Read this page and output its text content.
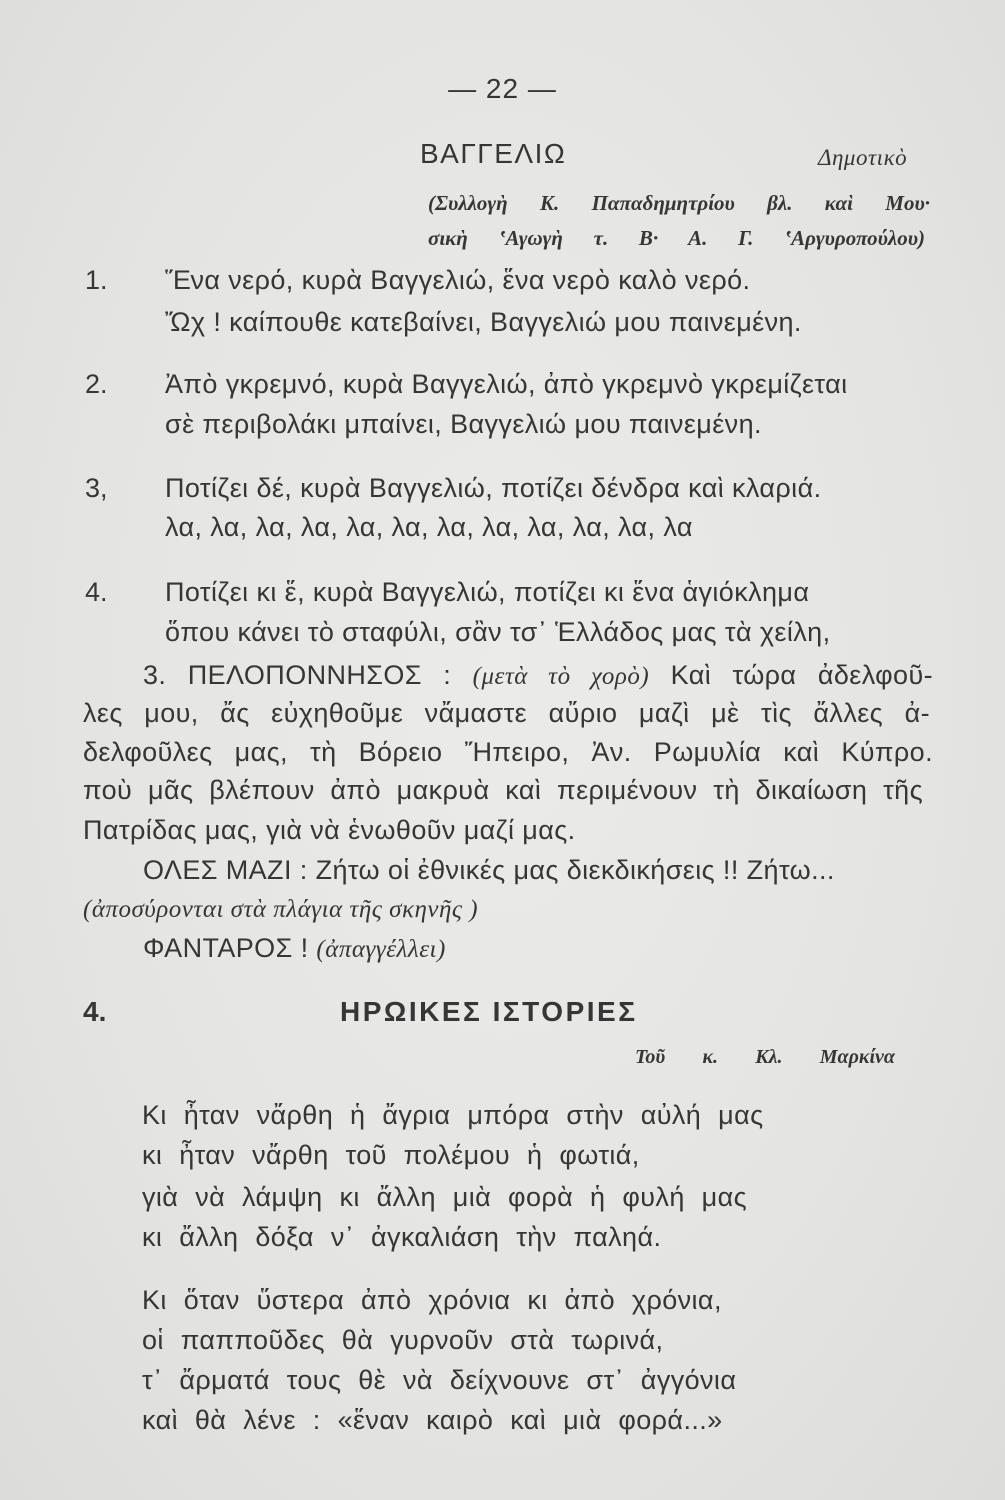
— 22 —
ΒΑΓΓΕΛΙΩ	Δημοτικὸ
(Συλλογὴ Κ. Παπαδημητρίου βλ. καὶ Μου·
σικὴ ʽΑγωγὴ τ. Β· Α. Γ. ʽΑργυροπούλου)
1. Ἕνα νερό, κυρὰ Βαγγελιώ, ἕνα νερὸ καλὸ νερό.
Ὤχ ! καίπουθε κατεβαίνει, Βαγγελιώ μου παινεμένη.
2. Ἀπὸ γκρεμνό, κυρὰ Βαγγελιώ, ἀπὸ γκρεμνὸ γκρεμίζεται
σὲ περιβολάκι μπαίνει, Βαγγελιώ μου παινεμένη.
3, Ποτίζει δέ, κυρὰ Βαγγελιώ, ποτίζει δένδρα καὶ κλαριά.
λα, λα, λα, λα, λα, λα, λα, λα, λα, λα, λα, λα
4. Ποτίζει κι ἕ, κυρὰ Βαγγελιώ, ποτίζει κι ἕνα ἁγιόκλημα
ὅπου κάνει τὸ σταφύλι, σἂν τσ᾽ Ἑλλάδος μας τὰ χείλη,
3. ΠΕΛΟΠΟΝΝΗΣΟΣ : (μετὰ τὸ χορὸ) Καὶ τώρα ἀδελφοῦ-
λες μου, ἄς εὐχηθοῦμε νἄμαστε αὔριο μαζὶ μὲ τὶς ἄλλες ἀ-
δελφοῦλες μας, τὴ Βόρειο Ἤπειρο, Ἀν. Ρωμυλία καὶ Κύπρο.
ποὺ μᾶς βλέπουν ἀπὸ μακρυὰ καὶ περιμένουν τὴ δικαίωση τῆς
Πατρίδας μας, γιὰ νὰ ἑνωθοῦν μαζί μας.
ΟΛΕΣ ΜΑΖΙ : Ζήτω οἱ ἐθνικές μας διεκδικήσεις !! Ζήτω...
(ἀποσύρονται στὰ πλάγια τῆς σκηνῆς )
ΦΑΝΤΑΡΟΣ ! (ἀπαγγέλλει)
4.	ΗΡΩΙΚΕΣ ΙΣΤΟΡΙΕΣ
Τοῦ κ. Κλ. Μαρκίνα
Κι ἦταν νἄρθη ἡ ἄγρια μπόρα στὴν αὐλή μας
κι ἦταν νἄρθη τοῦ πολέμου ἡ φωτιά,
γιὰ νὰ λάμψη κι ἄλλη μιὰ φορὰ ἡ φυλή μας
κι ἄλλη δόξα ν᾽ ἀγκαλιάση τὴν παληά.
Κι ὅταν ὕστερα ἀπὸ χρόνια κι ἀπὸ χρόνια,
οἱ παπποῦδες θὰ γυρνοῦν στὰ τωρινά,
τ᾽ ἄρματά τους θὲ νὰ δείχνουνε στ᾽ ἀγγόνια
καὶ θὰ λένε : «ἕναν καιρὸ καὶ μιὰ φορά...»
